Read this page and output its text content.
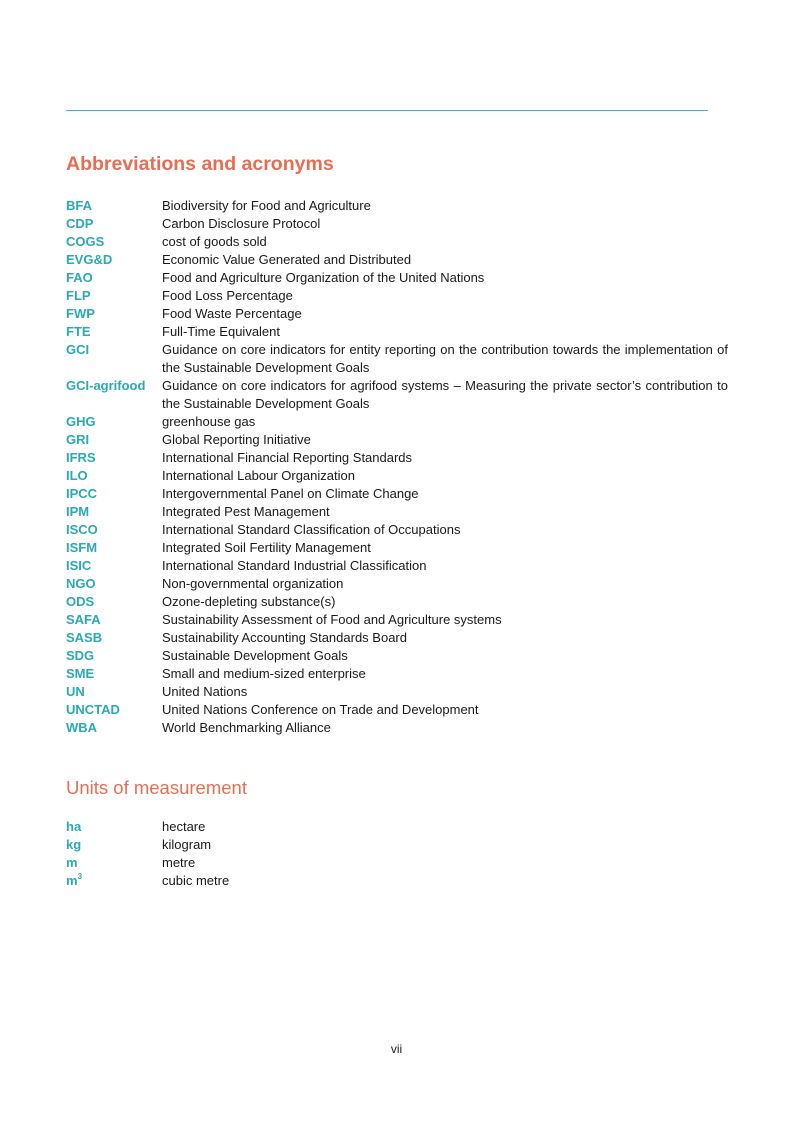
Abbreviations and acronyms
BFA	Biodiversity for Food and Agriculture
CDP	Carbon Disclosure Protocol
COGS	cost of goods sold
EVG&D	Economic Value Generated and Distributed
FAO	Food and Agriculture Organization of the United Nations
FLP	Food Loss Percentage
FWP	Food Waste Percentage
FTE	Full-Time Equivalent
GCI	Guidance on core indicators for entity reporting on the contribution towards the implementation of the Sustainable Development Goals
GCI-agrifood	Guidance on core indicators for agrifood systems – Measuring the private sector’s contribution to the Sustainable Development Goals
GHG	greenhouse gas
GRI	Global Reporting Initiative
IFRS	International Financial Reporting Standards
ILO	International Labour Organization
IPCC	Intergovernmental Panel on Climate Change
IPM	Integrated Pest Management
ISCO	International Standard Classification of Occupations
ISFM	Integrated Soil Fertility Management
ISIC	International Standard Industrial Classification
NGO	Non-governmental organization
ODS	Ozone-depleting substance(s)
SAFA	Sustainability Assessment of Food and Agriculture systems
SASB	Sustainability Accounting Standards Board
SDG	Sustainable Development Goals
SME	Small and medium-sized enterprise
UN	United Nations
UNCTAD	United Nations Conference on Trade and Development
WBA	World Benchmarking Alliance
Units of measurement
ha	hectare
kg	kilogram
m	metre
$m^3$	cubic metre
vii
